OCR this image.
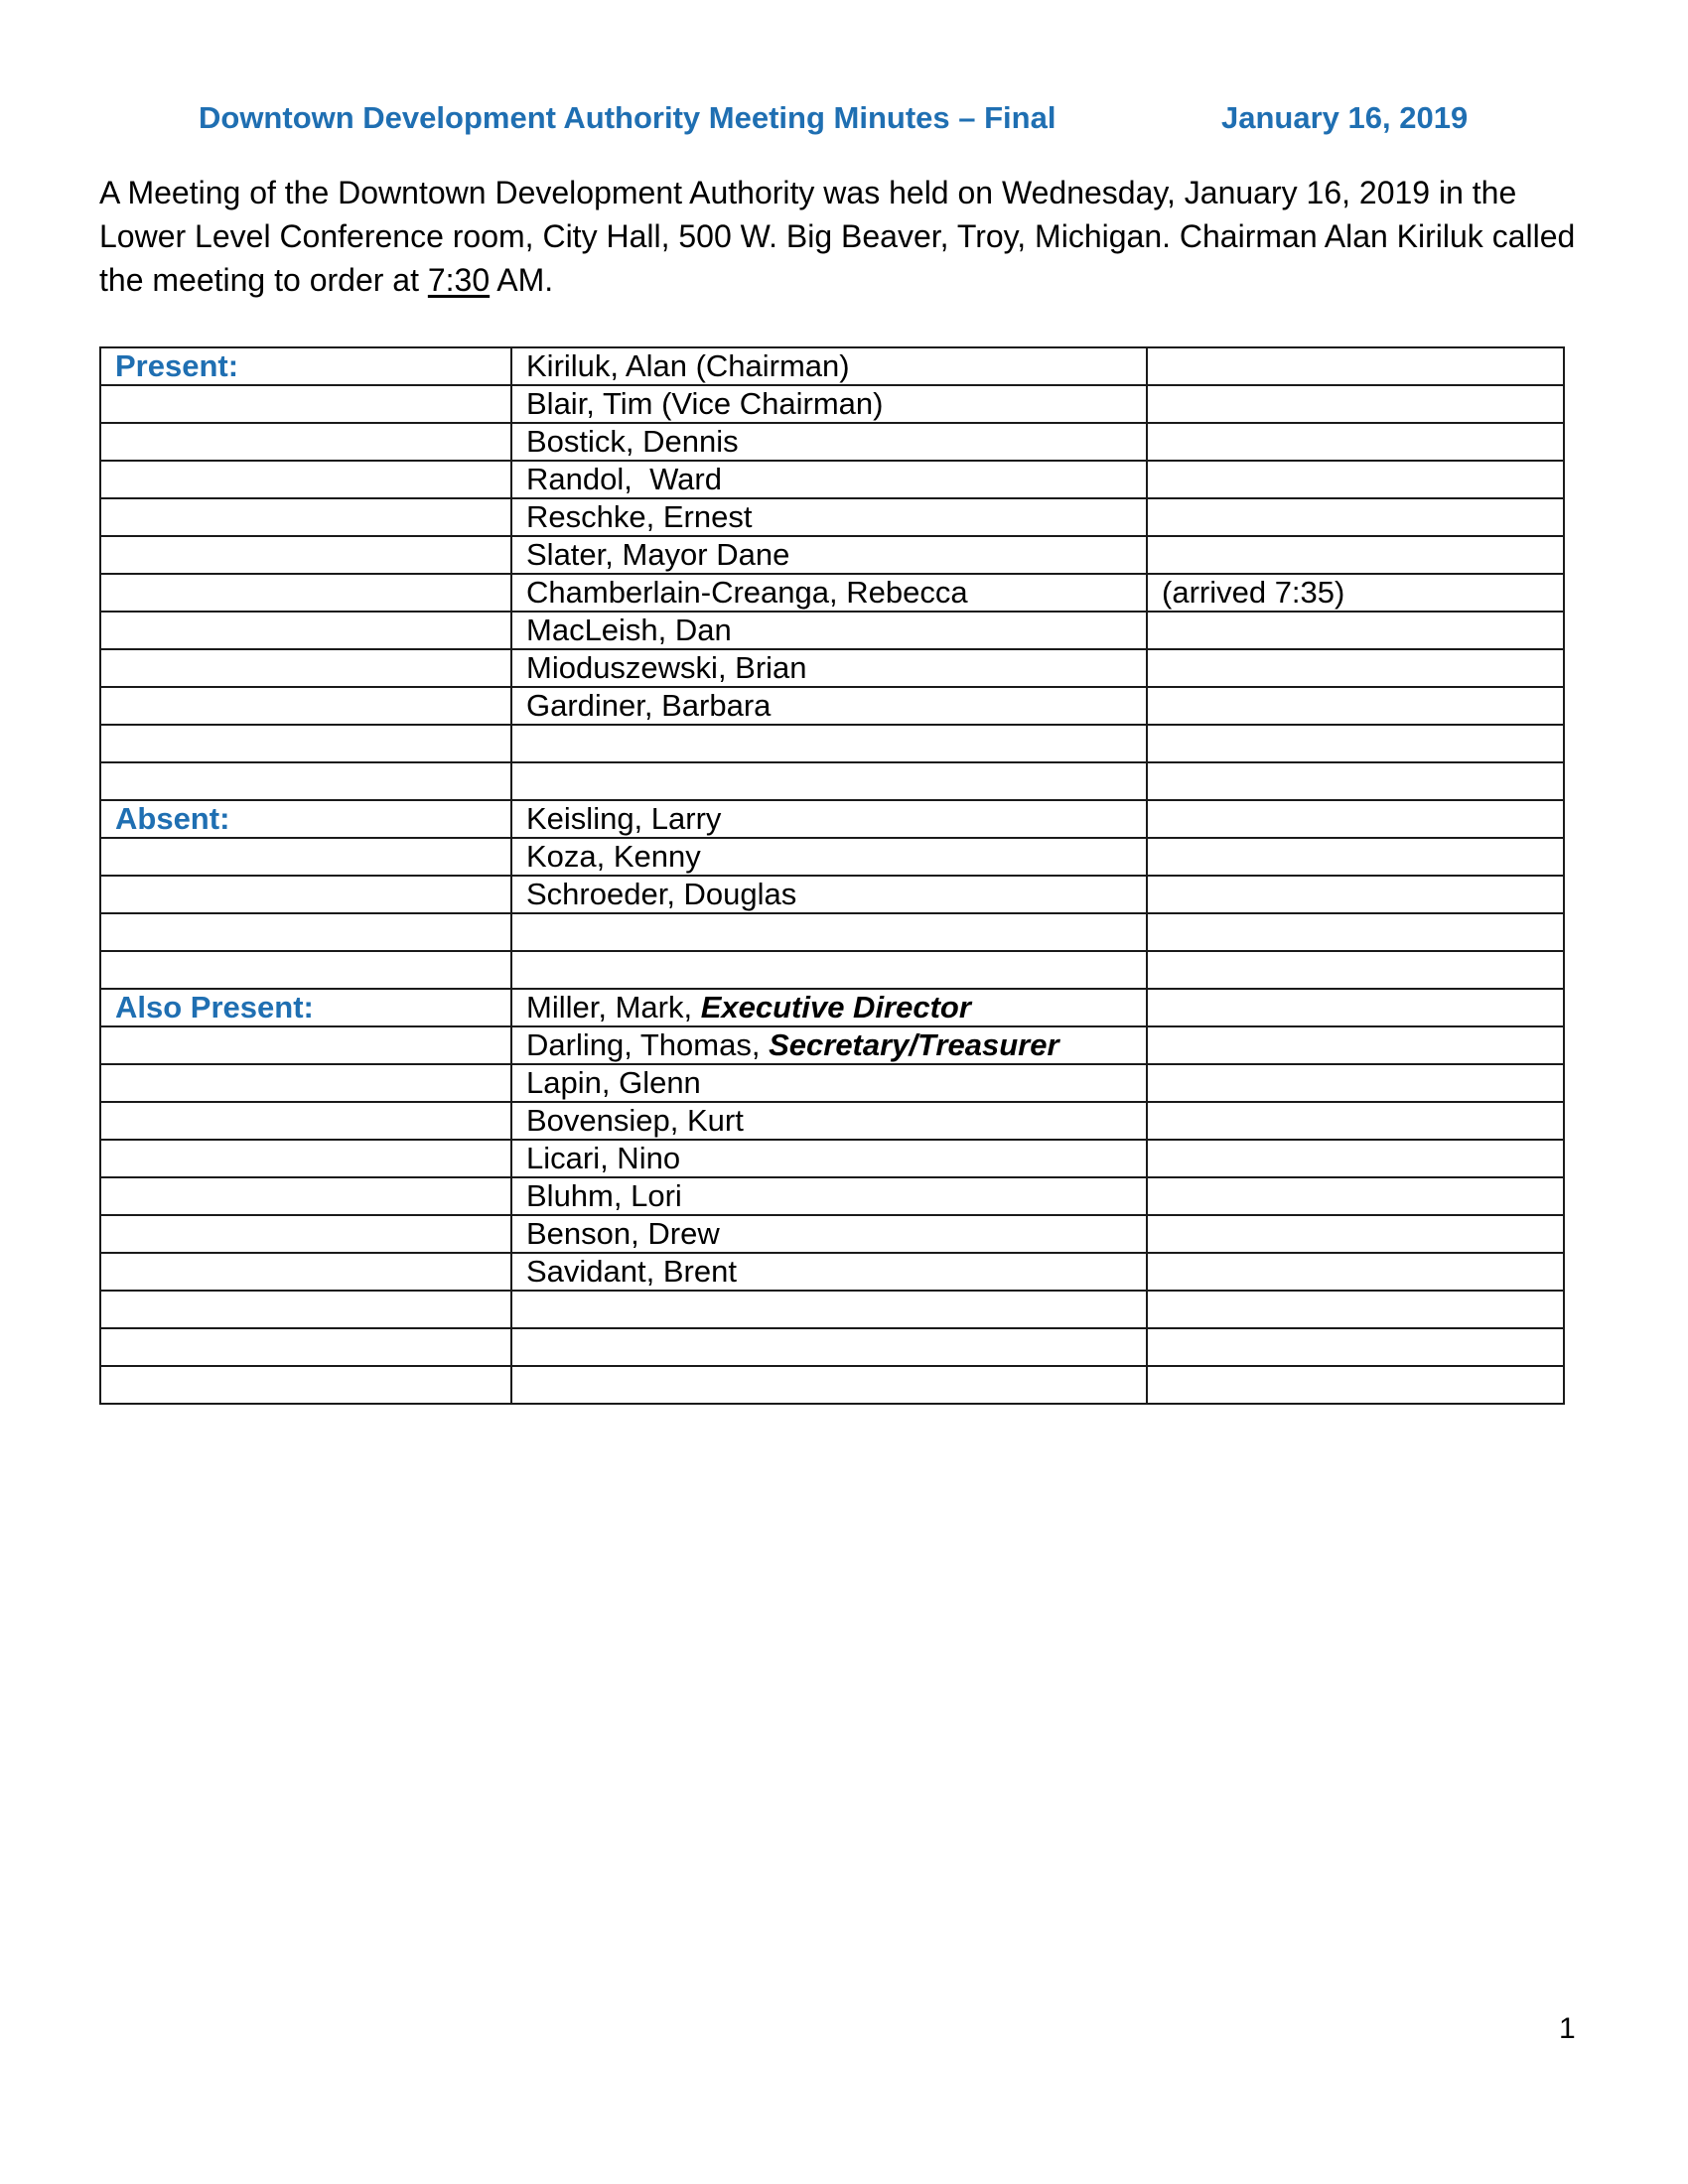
Downtown Development Authority Meeting Minutes – Final	January 16, 2019
A Meeting of the Downtown Development Authority was held on Wednesday, January 16, 2019 in the Lower Level Conference room, City Hall, 500 W. Big Beaver, Troy, Michigan. Chairman Alan Kiriluk called the meeting to order at 7:30 AM.
Present:	Kiriluk, Alan (Chairman)	
	Blair, Tim (Vice Chairman)	
	Bostick, Dennis	
	Randol,  Ward	
	Reschke, Ernest	
	Slater, Mayor Dane	
	Chamberlain-Creanga, Rebecca	(arrived 7:35)
	MacLeish, Dan	
	Mioduszewski, Brian	
	Gardiner, Barbara	

Absent:	Keisling, Larry	
	Koza, Kenny	
	Schroeder, Douglas	

Also Present:	Miller, Mark, Executive Director	
	Darling, Thomas, Secretary/Treasurer	
	Lapin, Glenn	
	Bovensiep, Kurt	
	Licari, Nino	
	Bluhm, Lori	
	Benson, Drew	
	Savidant, Brent	

1
